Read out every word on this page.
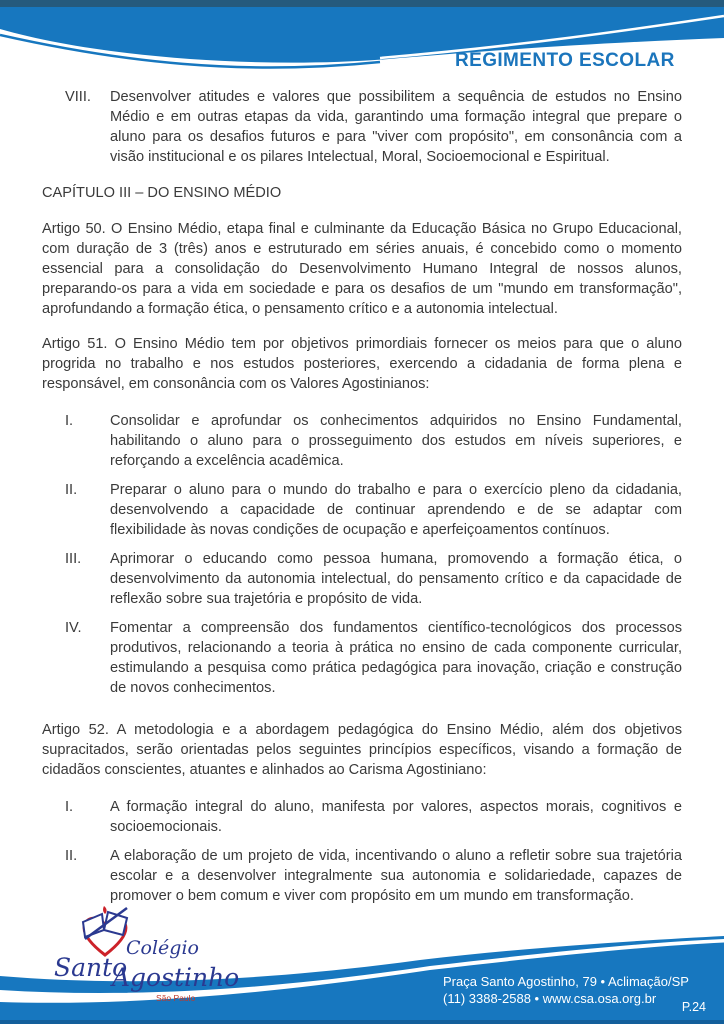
REGIMENTO ESCOLAR
VIII.	Desenvolver atitudes e valores que possibilitem a sequência de estudos no Ensino Médio e em outras etapas da vida, garantindo uma formação integral que prepare o aluno para os desafios futuros e para "viver com propósito", em consonância com a visão institucional e os pilares Intelectual, Moral, Socioemocional e Espiritual.
CAPÍTULO III – DO ENSINO MÉDIO

Artigo 50. O Ensino Médio, etapa final e culminante da Educação Básica no Grupo Educacional, com duração de 3 (três) anos e estruturado em séries anuais, é concebido como o momento essencial para a consolidação do Desenvolvimento Humano Integral de nossos alunos, preparando-os para a vida em sociedade e para os desafios de um "mundo em transformação", aprofundando a formação ética, o pensamento crítico e a autonomia intelectual.

Artigo 51. O Ensino Médio tem por objetivos primordiais fornecer os meios para que o aluno progrida no trabalho e nos estudos posteriores, exercendo a cidadania de forma plena e responsável, em consonância com os Valores Agostinianos:

I.	Consolidar e aprofundar os conhecimentos adquiridos no Ensino Fundamental, habilitando o aluno para o prosseguimento dos estudos em níveis superiores, e reforçando a excelência acadêmica.
II.	Preparar o aluno para o mundo do trabalho e para o exercício pleno da cidadania, desenvolvendo a capacidade de continuar aprendendo e de se adaptar com flexibilidade às novas condições de ocupação e aperfeiçoamentos contínuos.
III.	Aprimorar o educando como pessoa humana, promovendo a formação ética, o desenvolvimento da autonomia intelectual, do pensamento crítico e da capacidade de reflexão sobre sua trajetória e propósito de vida.
IV.	Fomentar a compreensão dos fundamentos científico-tecnológicos dos processos produtivos, relacionando a teoria à prática no ensino de cada componente curricular, estimulando a pesquisa como prática pedagógica para inovação, criação e construção de novos conhecimentos.

Artigo 52. A metodologia e a abordagem pedagógica do Ensino Médio, além dos objetivos supracitados, serão orientadas pelos seguintes princípios específicos, visando a formação de cidadãos conscientes, atuantes e alinhados ao Carisma Agostiniano:

I.	A formação integral do aluno, manifesta por valores, aspectos morais, cognitivos e socioemocionais.
II.	A elaboração de um projeto de vida, incentivando o aluno a refletir sobre sua trajetória escolar e a desenvolver integralmente sua autonomia e solidariedade, capazes de promover o bem comum e viver com propósito em um mundo em transformação.
Colégio
Santo
Agostinho
São Paulo
Praça Santo Agostinho, 79 • Aclimação/SP
(11) 3388-2588 • www.csa.osa.org.br
P.24
